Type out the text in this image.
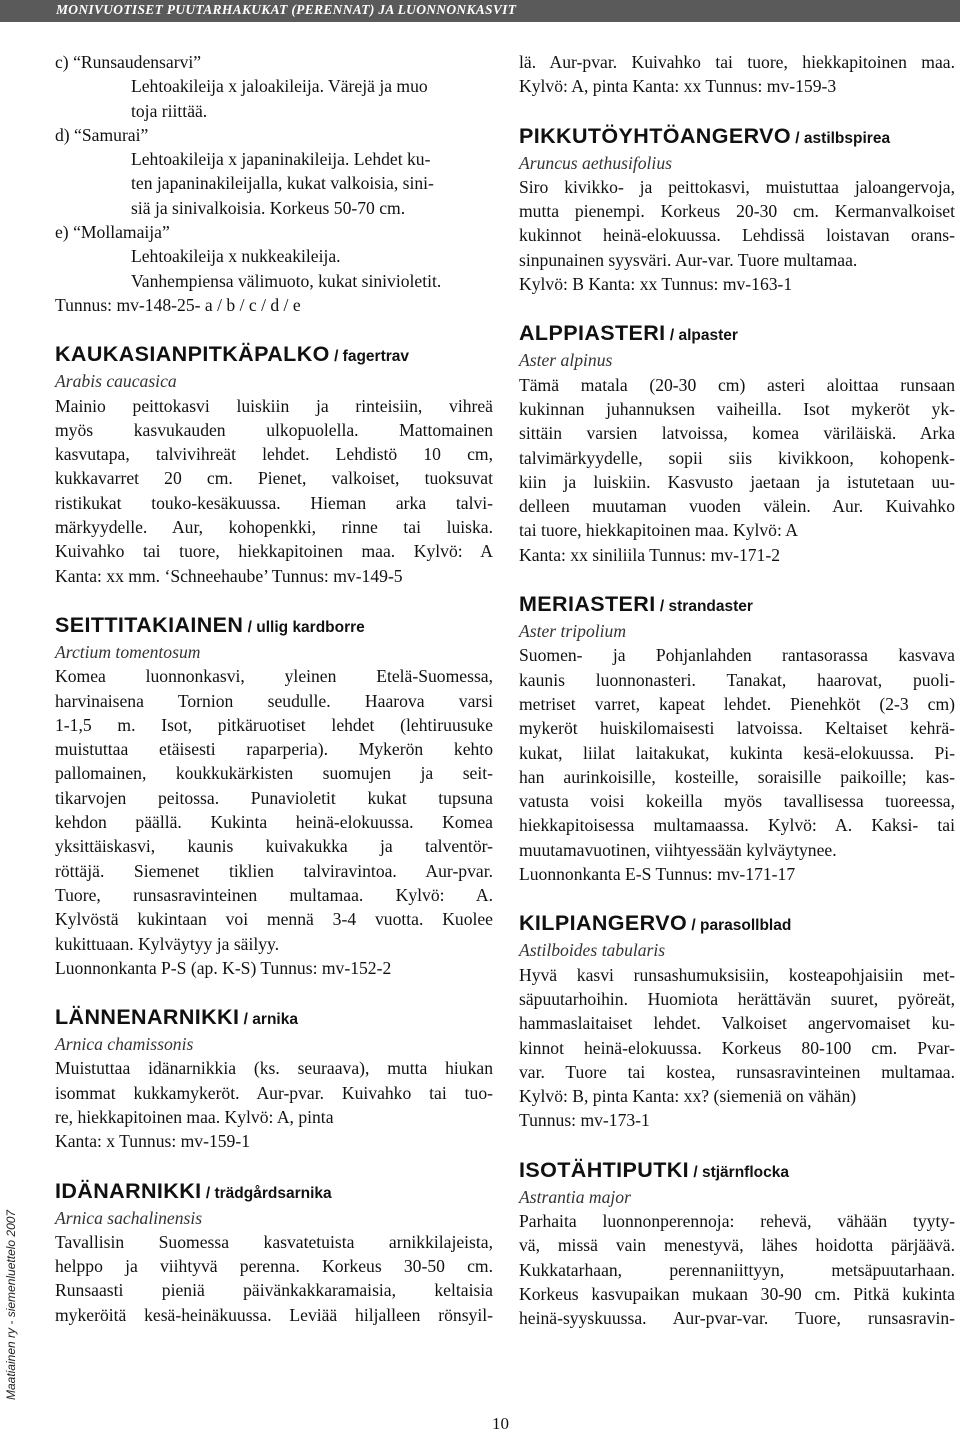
MONIVUOTISET PUUTARHAKUKAT (PERENNAT) JA LUONNONKASVIT
Maatiainen ry - siemenluettelo 2007
c) “Runsaudensarvi”
Lehtoakileija x jaloakileija. Värejä ja muo
toja riittää.
d) “Samurai”
Lehtoakileija x japaninakileija. Lehdet ku-
ten japaninakileijalla, kukat valkoisia, sini-
siä ja sinivalkoisia. Korkeus 50-70 cm.
e) “Mollamaija”
Lehtoakileija x nukkeakileija.
Vanhempiensa välimuoto, kukat sinivioletit.
Tunnus: mv-148-25- a / b / c / d / e
KAUKASIANPITKÄPALKO / fagertrav
Arabis caucasica
Mainio peittokasvi luiskiin ja rinteisiin, vihreä
myös kasvukauden ulkopuolella. Mattomainen
kasvutapa, talvivihreät lehdet. Lehdistö 10 cm,
kukkavarret 20 cm. Pienet, valkoiset, tuoksuvat
ristikukat touko-kesäkuussa. Hieman arka talvi-
märkyydelle. Aur, kohopenkki, rinne tai luiska.
Kuivahko tai tuore, hiekkapitoinen maa. Kylvö: A
Kanta: xx mm. ‘Schneehaube’ Tunnus: mv-149-5
SEITTITAKIAINEN / ullig kardborre
Arctium tomentosum
Komea luonnonkasvi, yleinen Etelä-Suomessa,
harvinaisena Tornion seudulle. Haarova varsi
1-1,5 m. Isot, pitkäruotiset lehdet (lehtiruusuke
muistuttaa etäisesti raparperia). Mykerön kehto
pallomainen, koukkukärkisten suomujen ja seit-
tikarvojen peitossa. Punavioletit kukat tupsuna
kehdon päällä. Kukinta heinä-elokuussa. Komea
yksittäiskasvi, kaunis kuivakukka ja talventör-
röttäjä. Siemenet tiklien talviravintoa. Aur-pvar.
Tuore, runsasravinteinen multamaa. Kylvö: A.
Kylvöstä kukintaan voi mennä 3-4 vuotta. Kuolee
kukittuaan. Kylväytyy ja säilyy.
Luonnonkanta P-S (ap. K-S) Tunnus: mv-152-2
LÄNNENARNIKKI / arnika
Arnica chamissonis
Muistuttaa idänarnikkia (ks. seuraava), mutta hiukan
isommat kukkamykeröt. Aur-pvar. Kuivahko tai tuo-
re, hiekkapitoinen maa. Kylvö: A, pinta
Kanta: x Tunnus: mv-159-1
IDÄNARNIKKI / trädgårdsarnika
Arnica sachalinensis
Tavallisin Suomessa kasvatetuista arnikkilajeista,
helppo ja viihtyvä perenna. Korkeus 30-50 cm.
Runsaasti pieniä päivänkakkaramaisia, keltaisia
mykeröitä kesä-heinäkuussa. Leviää hiljalleen rönsyil-
lä. Aur-pvar. Kuivahko tai tuore, hiekkapitoinen maa.
Kylvö: A, pinta Kanta: xx Tunnus: mv-159-3
PIKKUTÖYHTÖANGERVO / astilbspirea
Aruncus aethusifolius
Siro kivikko- ja peittokasvi, muistuttaa jaloangervoja,
mutta pienempi. Korkeus 20-30 cm. Kermanvalkoiset
kukinnot heinä-elokuussa. Lehdissä loistavan orans-
sinpunainen syysväri. Aur-var. Tuore multamaa.
Kylvö: B Kanta: xx Tunnus: mv-163-1
ALPPIASTERI / alpaster
Aster alpinus
Tämä matala (20-30 cm) asteri aloittaa runsaan
kukinnan juhannuksen vaiheilla. Isot mykeröt yk-
sittäin varsien latvoissa, komea väriläiskä. Arka
talvimärkyydelle, sopii siis kivikkoon, kohopenk-
kiin ja luiskiin. Kasvusto jaetaan ja istutetaan uu-
delleen muutaman vuoden välein. Aur. Kuivahko
tai tuore, hiekkapitoinen maa. Kylvö: A
Kanta: xx siniliila Tunnus: mv-171-2
MERIASTERI / strandaster
Aster tripolium
Suomen- ja Pohjanlahden rantasorassa kasvava
kaunis luonnonasteri. Tanakat, haarovat, puoli-
metriset varret, kapeat lehdet. Pienehköt (2-3 cm)
mykeröt huiskilomaisesti latvoissa. Keltaiset kehrä-
kukat, liilat laitakukat, kukinta kesä-elokuussa. Pi-
han aurinkoisille, kosteille, soraisille paikoille; kas-
vatusta voisi kokeilla myös tavallisessa tuoreessa,
hiekkapitoisessa multamaassa. Kylvö: A. Kaksi- tai
muutamavuotinen, viihtyessään kylväytynee.
Luonnonkanta E-S Tunnus: mv-171-17
KILPIANGERVO / parasollblad
Astilboides tabularis
Hyvä kasvi runsashumuksisiin, kosteapohjaisiin met-
säpuutarhoihin. Huomiota herättävän suuret, pyöreät,
hammaslaitaiset lehdet. Valkoiset angervomaiset ku-
kinnot heinä-elokuussa. Korkeus 80-100 cm. Pvar-
var. Tuore tai kostea, runsasravinteinen multamaa.
Kylvö: B, pinta Kanta: xx? (siemeniä on vähän)
Tunnus: mv-173-1
ISOTÄHTIPUTKI / stjärnflocka
Astrantia major
Parhaita luonnonperennoja: rehevä, vähään tyyty-
vä, missä vain menestyvä, lähes hoidotta pärjäävä.
Kukkatarhaan, perennaniittyyn, metsäpuutarhaan.
Korkeus kasvupaikan mukaan 30-90 cm. Pitkä kukinta
heinä-syyskuussa. Aur-pvar-var. Tuore, runsasravin-
10
